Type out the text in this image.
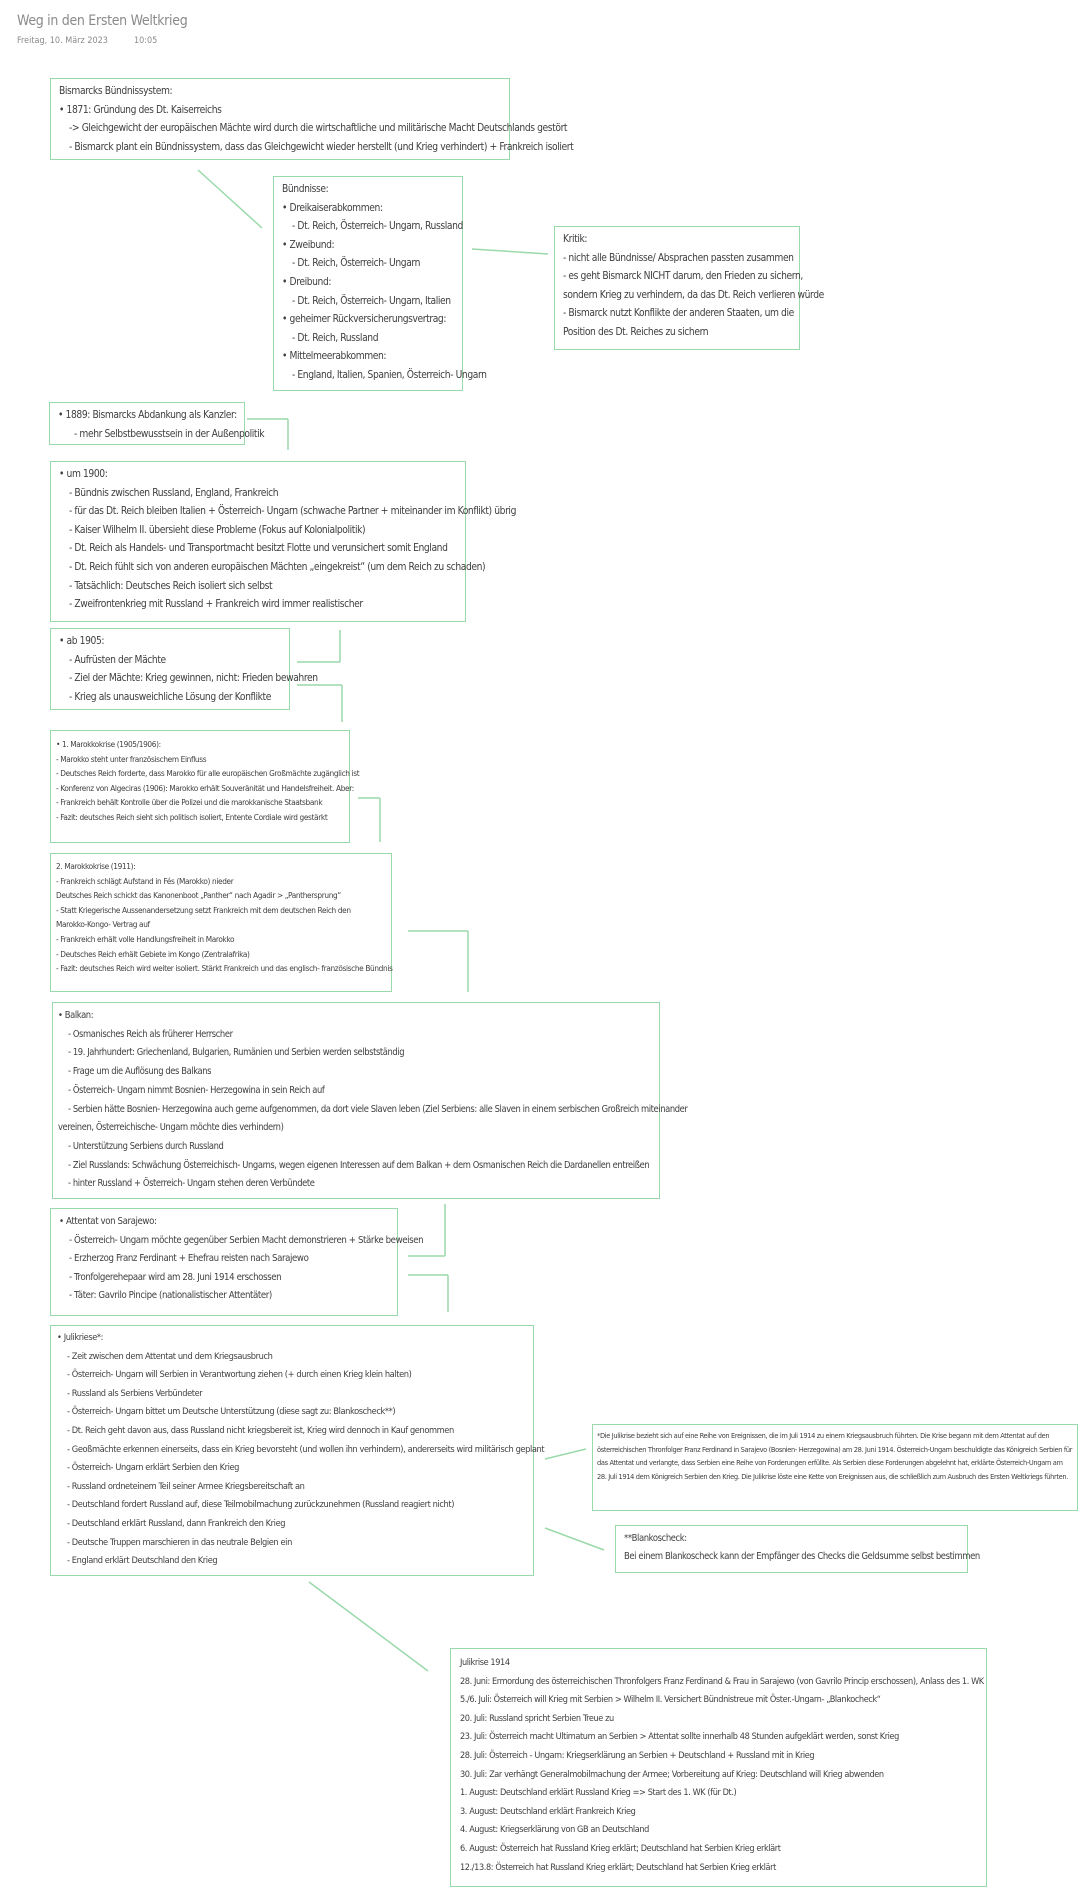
Weg in den Ersten Weltkrieg
Freitag, 10. März 2023	10:05
Bismarcks Bündnissystem:
• 1871: Gründung des Dt. Kaiserreichs
-> Gleichgewicht der europäischen Mächte wird durch die wirtschaftliche und militärische Macht Deutschlands gestört
- Bismarck plant ein Bündnissystem, dass das Gleichgewicht wieder herstellt (und Krieg verhindert) + Frankreich isoliert
Bündnisse:
• Dreikaiserabkommen:
- Dt. Reich, Österreich- Ungarn, Russland
• Zweibund:
- Dt. Reich, Österreich- Ungarn
• Dreibund:
- Dt. Reich, Österreich- Ungarn, Italien
• geheimer Rückversicherungsvertrag:
- Dt. Reich, Russland
• Mittelmeerabkommen:
- England, Italien, Spanien, Österreich- Ungarn
Kritik:
- nicht alle Bündnisse/ Absprachen passten zusammen
- es geht Bismarck NICHT darum, den Frieden zu sichern,
sondern Krieg zu verhindern, da das Dt. Reich verlieren würde
- Bismarck nutzt Konflikte der anderen Staaten, um die
Position des Dt. Reiches zu sichern
• 1889: Bismarcks Abdankung als Kanzler:
- mehr Selbstbewusstsein in der Außenpolitik
• um 1900:
- Bündnis zwischen Russland, England, Frankreich
- für das Dt. Reich bleiben Italien + Österreich- Ungarn (schwache Partner + miteinander im Konflikt) übrig
- Kaiser Wilhelm II. übersieht diese Probleme (Fokus auf Kolonialpolitik)
- Dt. Reich als Handels- und Transportmacht besitzt Flotte und verunsichert somit England
- Dt. Reich fühlt sich von anderen europäischen Mächten „eingekreist“ (um dem Reich zu schaden)
- Tatsächlich: Deutsches Reich isoliert sich selbst
- Zweifrontenkrieg mit Russland + Frankreich wird immer realistischer
• ab 1905:
- Aufrüsten der Mächte
- Ziel der Mächte: Krieg gewinnen, nicht: Frieden bewahren
- Krieg als unausweichliche Lösung der Konflikte
• 1. Marokkokrise (1905/1906):
- Marokko steht unter französischem Einfluss
- Deutsches Reich forderte, dass Marokko für alle europäischen Großmächte zugänglich ist
- Konferenz von Algeciras (1906): Marokko erhält Souveränität und Handelsfreiheit. Aber:
- Frankreich behält Kontrolle über die Polizei und die marokkanische Staatsbank
- Fazit: deutsches Reich sieht sich politisch isoliert, Entente Cordiale wird gestärkt
2. Marokkokrise (1911):
- Frankreich schlägt Aufstand in Fés (Marokko) nieder
Deutsches Reich schickt das Kanonenboot „Panther“ nach Agadir > „Panthersprung“
- Statt Kriegerische Aussenandersetzung setzt Frankreich mit dem deutschen Reich den
Marokko-Kongo- Vertrag auf
- Frankreich erhält volle Handlungsfreiheit in Marokko
- Deutsches Reich erhält Gebiete im Kongo (Zentralafrika)
- Fazit: deutsches Reich wird weiter isoliert. Stärkt Frankreich und das englisch- französische Bündnis
• Balkan:
- Osmanisches Reich als früherer Herrscher
- 19. Jahrhundert: Griechenland, Bulgarien, Rumänien und Serbien werden selbstständig
- Frage um die Auflösung des Balkans
- Österreich- Ungarn nimmt Bosnien- Herzegowina in sein Reich auf
- Serbien hätte Bosnien- Herzegowina auch gerne aufgenommen, da dort viele Slaven leben (Ziel Serbiens: alle Slaven in einem serbischen Großreich miteinander
vereinen, Österreichische- Ungarn möchte dies verhindern)
- Unterstützung Serbiens durch Russland
- Ziel Russlands: Schwächung Österreichisch- Ungarns, wegen eigenen Interessen auf dem Balkan + dem Osmanischen Reich die Dardanellen entreißen
- hinter Russland + Österreich- Ungarn stehen deren Verbündete
• Attentat von Sarajewo:
- Österreich- Ungarn möchte gegenüber Serbien Macht demonstrieren + Stärke beweisen
- Erzherzog Franz Ferdinant + Ehefrau reisten nach Sarajewo
- Tronfolgerehepaar wird am 28. Juni 1914 erschossen
- Täter: Gavrilo Pincipe (nationalistischer Attentäter)
• Julikriese*:
- Zeit zwischen dem Attentat und dem Kriegsausbruch
- Österreich- Ungarn will Serbien in Verantwortung ziehen (+ durch einen Krieg klein halten)
- Russland als Serbiens Verbündeter
- Österreich- Ungarn bittet um Deutsche Unterstützung (diese sagt zu: Blankoscheck**)
- Dt. Reich geht davon aus, dass Russland nicht kriegsbereit ist, Krieg wird dennoch in Kauf genommen
- Geoßmächte erkennen einerseits, dass ein Krieg bevorsteht (und wollen ihn verhindern), andererseits wird militärisch geplant
- Österreich- Ungarn erklärt Serbien den Krieg
- Russland ordneteinem Teil seiner Armee Kriegsbereitschaft an
- Deutschland fordert Russland auf, diese Teilmobilmachung zurückzunehmen (Russland reagiert nicht)
- Deutschland erklärt Russland, dann Frankreich den Krieg
- Deutsche Truppen marschieren in das neutrale Belgien ein
- England erklärt Deutschland den Krieg
*Die Julikrise bezieht sich auf eine Reihe von Ereignissen, die im Juli 1914 zu einem Kriegsausbruch führten. Die Krise begann mit dem Attentat auf den österreichischen Thronfolger Franz Ferdinand in Sarajevo (Bosnien- Herzegowina) am 28. Juni 1914. Österreich-Ungarn beschuldigte das Königreich Serbien für das Attentat und verlangte, dass Serbien eine Reihe von Forderungen erfüllte. Als Serbien diese Forderungen abgelehnt hat, erklärte Österreich-Ungarn am 28. Juli 1914 dem Königreich Serbien den Krieg. Die Julikrise löste eine Kette von Ereignissen aus, die schließlich zum Ausbruch des Ersten Weltkriegs führten.
**Blankoscheck:
Bei einem Blankoscheck kann der Empfänger des Checks die Geldsumme selbst bestimmen
Julikrise 1914
28. Juni: Ermordung des österreichischen Thronfolgers Franz Ferdinand & Frau in Sarajewo (von Gavrilo Princip erschossen), Anlass des 1. WK
5./6. Juli: Österreich will Krieg mit Serbien > Wilhelm II. Versichert Bündnistreue mit Öster.-Ungarn- „Blankocheck“
20. Juli: Russland spricht Serbien Treue zu
23. Juli: Österreich macht Ultimatum an Serbien > Attentat sollte innerhalb 48 Stunden aufgeklärt werden, sonst Krieg
28. Juli: Österreich - Ungarn: Kriegserklärung an Serbien + Deutschland + Russland mit in Krieg
30. Juli: Zar verhängt Generalmobilmachung der Armee; Vorbereitung auf Krieg: Deutschland will Krieg abwenden
1. August: Deutschland erklärt Russland Krieg => Start des 1. WK (für Dt.)
3. August: Deutschland erklärt Frankreich Krieg
4. August: Kriegserklärung von GB an Deutschland
6. August: Österreich hat Russland Krieg erklärt; Deutschland hat Serbien Krieg erklärt
12./13.8: Österreich hat Russland Krieg erklärt; Deutschland hat Serbien Krieg erklärt
